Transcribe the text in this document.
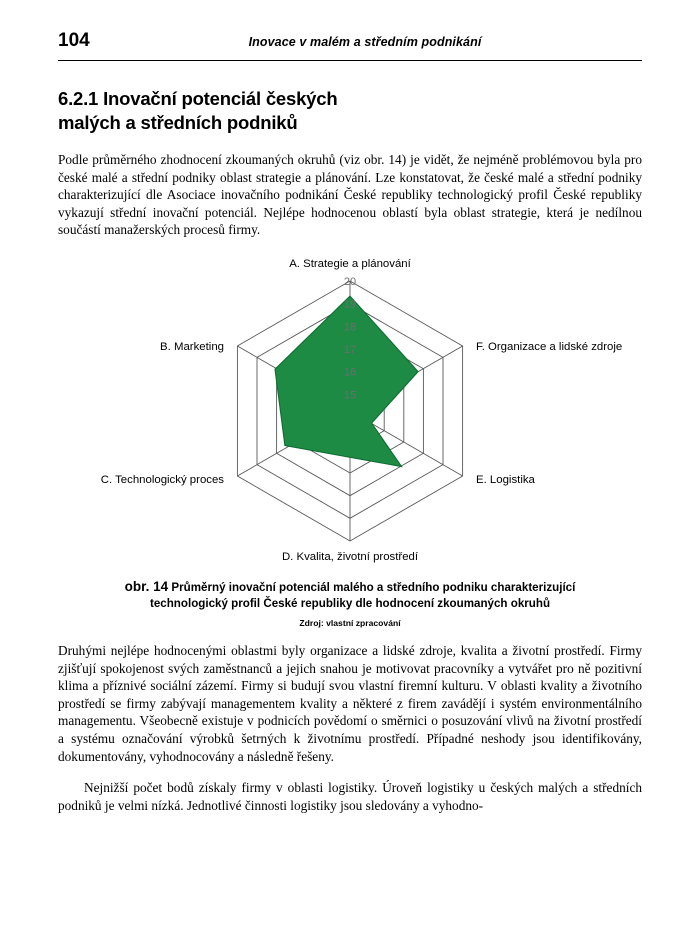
104	Inovace v malém a středním podnikání
6.2.1 Inovační potenciál českých
malých a středních podniků

Podle průměrného zhodnocení zkoumaných okruhů (viz obr. 14) je vidět, že nejméně problémovou byla pro české malé a střední podniky oblast strategie a plánování. Lze konstatovat, že české malé a střední podniky charakterizující dle Asociace inovačního podnikání České republiky technologický profil České republiky vykazují střední inovační potenciál. Nejlépe hodnocenou oblastí byla oblast strategie, která je nedílnou součástí manažerských procesů firmy.

20
19
18
17
16
15
A. Strategie a plánování
F. Organizace a lidské zdroje
E. Logistika
D. Kvalita, životní prostředí
C. Technologický proces
B. Marketing
obr. 14 Průměrný inovační potenciál malého a středního podniku charakterizující technologický profil České republiky dle hodnocení zkoumaných okruhů
Zdroj: vlastní zpracování

Druhými nejlépe hodnocenými oblastmi byly organizace a lidské zdroje, kvalita a životní prostředí. Firmy zjišťují spokojenost svých zaměstnanců a jejich snahou je motivovat pracovníky a vytvářet pro ně pozitivní klima a příznivé sociální zázemí. Firmy si budují svou vlastní firemní kulturu. V oblasti kvality a životního prostředí se firmy zabývají managementem kvality a některé z firem zavádějí i systém environmentálního managementu. Všeobecně existuje v podnicích povědomí o směrnici o posuzování vlivů na životní prostředí a systému označování výrobků šetrných k životnímu prostředí. Případné neshody jsou identifikovány, dokumentovány, vyhodnocovány a následně řešeny.

Nejnižší počet bodů získaly firmy v oblasti logistiky. Úroveň logistiky u českých malých a středních podniků je velmi nízká. Jednotlivé činnosti logistiky jsou sledovány a vyhodno-
